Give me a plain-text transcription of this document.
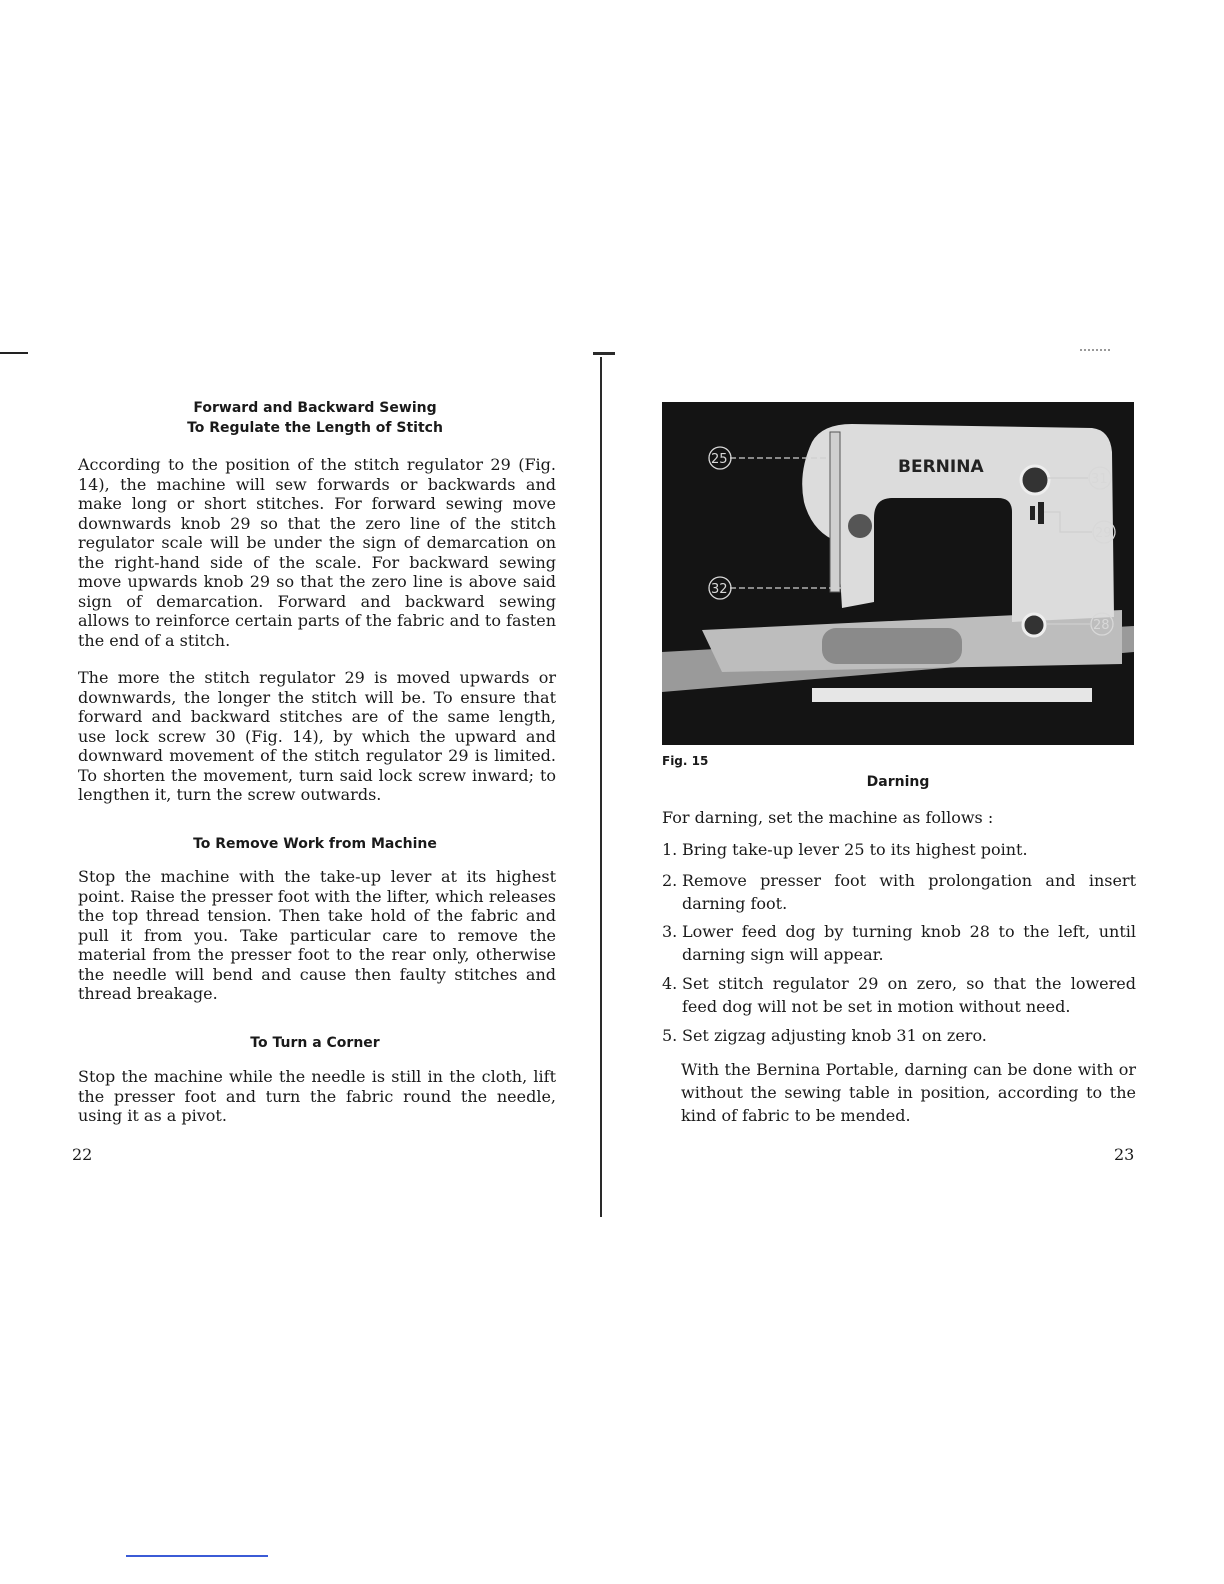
Forward and Backward Sewing
To Regulate the Length of Stitch

According to the position of the stitch regulator 29 (Fig. 14), the machine will sew forwards or backwards and make long or short stitches. For forward sewing move downwards knob 29 so that the zero line of the stitch regulator scale will be under the sign of demarcation on the right-hand side of the scale. For backward sewing move upwards knob 29 so that the zero line is above said sign of demarcation. Forward and backward sewing allows to reinforce certain parts of the fabric and to fasten the end of a stitch.

The more the stitch regulator 29 is moved upwards or downwards, the longer the stitch will be. To ensure that forward and backward stitches are of the same length, use lock screw 30 (Fig. 14), by which the upward and downward movement of the stitch regulator 29 is limited. To shorten the movement, turn said lock screw inward; to lengthen it, turn the screw outwards.

To Remove Work from Machine

Stop the machine with the take-up lever at its highest point. Raise the presser foot with the lifter, which releases the top thread tension. Then take hold of the fabric and pull it from you. Take particular care to remove the material from the presser foot to the rear only, otherwise the needle will bend and cause then faulty stitches and thread breakage.

To Turn a Corner

Stop the machine while the needle is still in the cloth, lift the presser foot and turn the fabric round the needle, using it as a pivot.

22
BERNINA
25
32
31
29
28
Fig. 15
Darning
For darning, set the machine as follows :
1. Bring take-up lever 25 to its highest point.
2. Remove presser foot with prolongation and insert darning foot.
3. Lower feed dog by turning knob 28 to the left, until darning sign will appear.
4. Set stitch regulator 29 on zero, so that the lowered feed dog will not be set in motion without need.
5. Set zigzag adjusting knob 31 on zero.

With the Bernina Portable, darning can be done with or without the sewing table in position, according to the kind of fabric to be mended.

23
